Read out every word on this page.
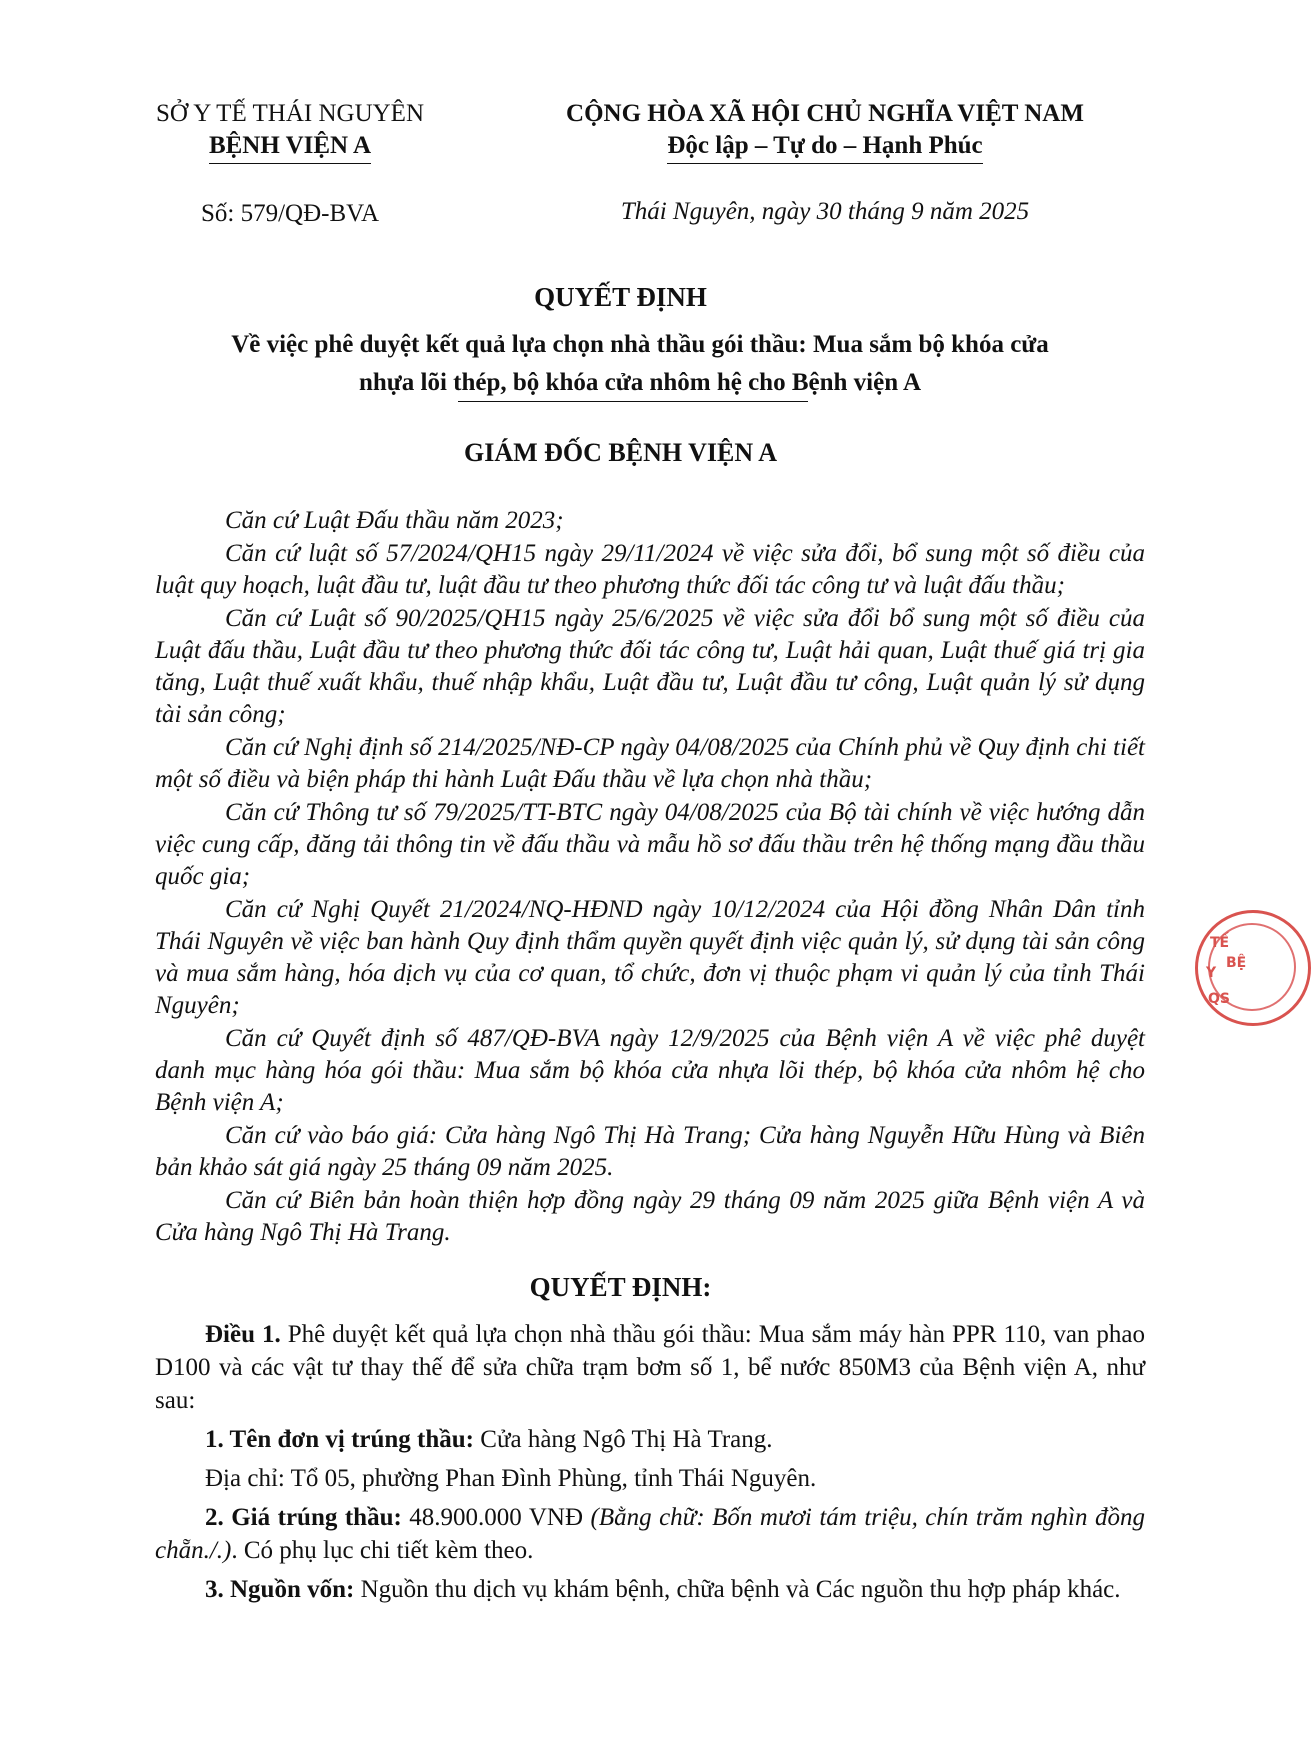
SỞ Y TẾ THÁI NGUYÊN
BỆNH VIỆN A
CỘNG HÒA XÃ HỘI CHỦ NGHĨA VIỆT NAM
Độc lập – Tự do – Hạnh Phúc
Số: 579/QĐ-BVA	Thái Nguyên, ngày 30 tháng 9 năm 2025
QUYẾT ĐỊNH
Về việc phê duyệt kết quả lựa chọn nhà thầu gói thầu: Mua sắm bộ khóa cửa
nhựa lõi thép, bộ khóa cửa nhôm hệ cho Bệnh viện A
GIÁM ĐỐC BỆNH VIỆN A

Căn cứ Luật Đấu thầu năm 2023;

Căn cứ luật số 57/2024/QH15 ngày 29/11/2024 về việc sửa đổi, bổ sung một số điều của luật quy hoạch, luật đầu tư, luật đầu tư theo phương thức đối tác công tư và luật đấu thầu;

Căn cứ Luật số 90/2025/QH15 ngày 25/6/2025 về việc sửa đổi bổ sung một số điều của Luật đấu thầu, Luật đầu tư theo phương thức đối tác công tư, Luật hải quan, Luật thuế giá trị gia tăng, Luật thuế xuất khẩu, thuế nhập khẩu, Luật đầu tư, Luật đầu tư công, Luật quản lý sử dụng tài sản công;

Căn cứ Nghị định số 214/2025/NĐ-CP ngày 04/08/2025 của Chính phủ về Quy định chi tiết một số điều và biện pháp thi hành Luật Đấu thầu về lựa chọn nhà thầu;

Căn cứ Thông tư số 79/2025/TT-BTC ngày 04/08/2025 của Bộ tài chính về việc hướng dẫn việc cung cấp, đăng tải thông tin về đấu thầu và mẫu hồ sơ đấu thầu trên hệ thống mạng đầu thầu quốc gia;

Căn cứ Nghị Quyết 21/2024/NQ-HĐND ngày 10/12/2024 của Hội đồng Nhân Dân tỉnh Thái Nguyên về việc ban hành Quy định thẩm quyền quyết định việc quản lý, sử dụng tài sản công và mua sắm hàng, hóa dịch vụ của cơ quan, tổ chức, đơn vị thuộc phạm vi quản lý của tỉnh Thái Nguyên;

Căn cứ Quyết định số 487/QĐ-BVA ngày 12/9/2025 của Bệnh viện A về việc phê duyệt danh mục hàng hóa gói thầu: Mua sắm bộ khóa cửa nhựa lõi thép, bộ khóa cửa nhôm hệ cho Bệnh viện A;

Căn cứ vào báo giá: Cửa hàng Ngô Thị Hà Trang; Cửa hàng Nguyễn Hữu Hùng và Biên bản khảo sát giá ngày 25 tháng 09 năm 2025.

Căn cứ Biên bản hoàn thiện hợp đồng ngày 29 tháng 09 năm 2025 giữa Bệnh viện A và Cửa hàng Ngô Thị Hà Trang.

QUYẾT ĐỊNH:

Điều 1. Phê duyệt kết quả lựa chọn nhà thầu gói thầu: Mua sắm máy hàn PPR 110, van phao D100 và các vật tư thay thế để sửa chữa trạm bơm số 1, bể nước 850M3 của Bệnh viện A, như sau:

1. Tên đơn vị trúng thầu: Cửa hàng Ngô Thị Hà Trang.

Địa chỉ: Tổ 05, phường Phan Đình Phùng, tỉnh Thái Nguyên.

2. Giá trúng thầu: 48.900.000 VNĐ (Bằng chữ: Bốn mươi tám triệu, chín trăm nghìn đồng chẵn./.). Có phụ lục chi tiết kèm theo.

3. Nguồn vốn: Nguồn thu dịch vụ khám bệnh, chữa bệnh và Các nguồn thu hợp pháp khác.

TẾ
BỆ
Y
QS
